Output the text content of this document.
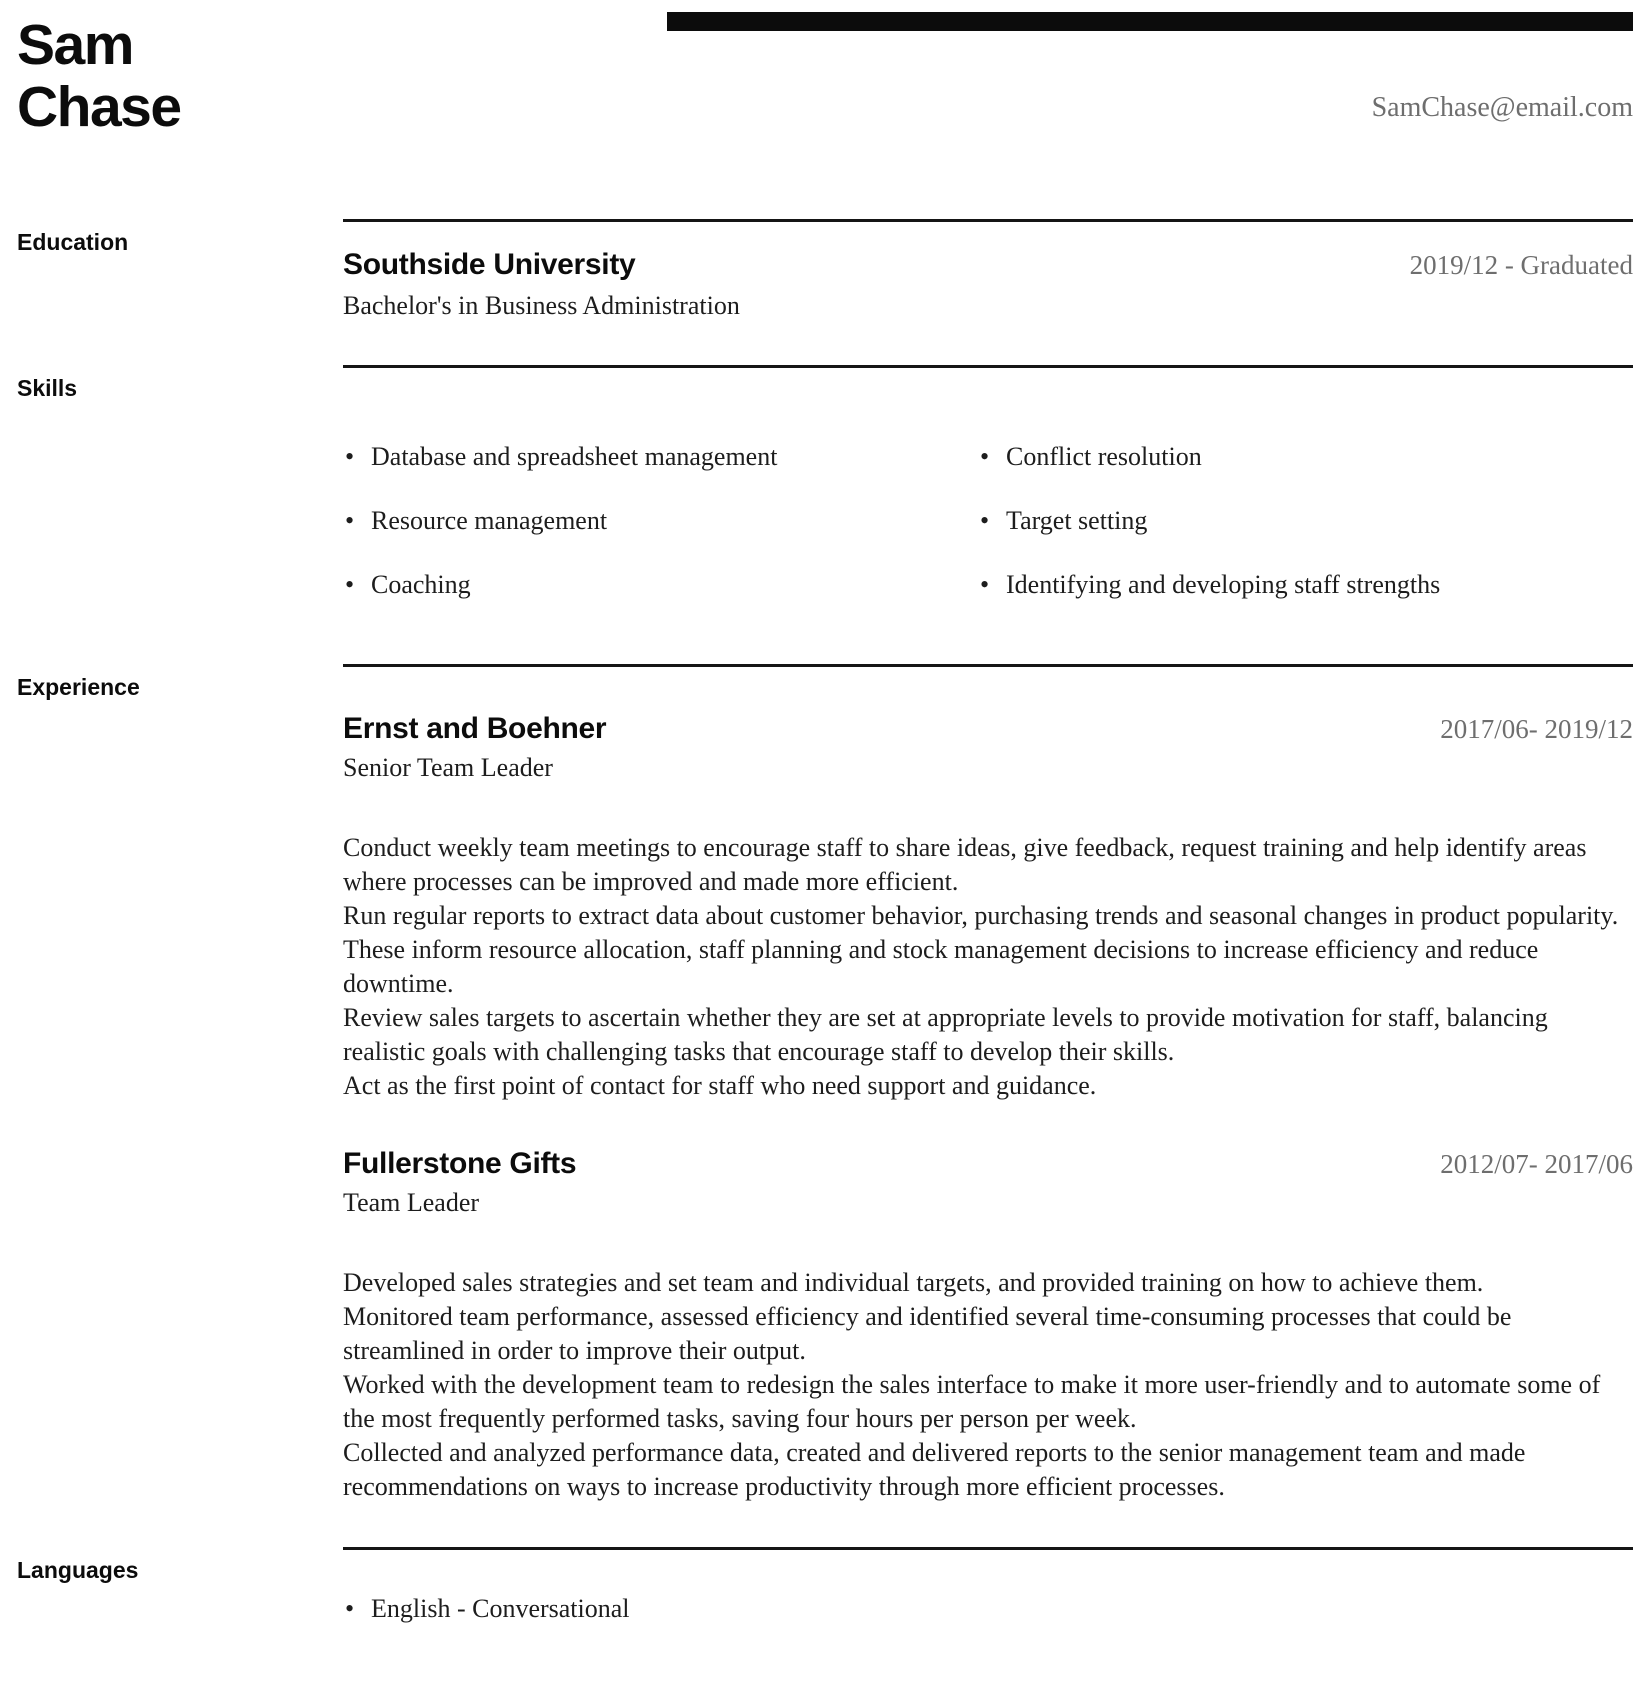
Sam Chase	SamChase@email.com
Education
Southside University	2019/12 - Graduated
Bachelor's in Business Administration
Skills
• Database and spreadsheet management
• Resource management
• Coaching
• Conflict resolution
• Target setting
• Identifying and developing staff strengths
Experience
Ernst and Boehner	2017/06- 2019/12
Senior Team Leader
Conduct weekly team meetings to encourage staff to share ideas, give feedback, request training and help identify areas where processes can be improved and made more efficient.
Run regular reports to extract data about customer behavior, purchasing trends and seasonal changes in product popularity. These inform resource allocation, staff planning and stock management decisions to increase efficiency and reduce downtime.
Review sales targets to ascertain whether they are set at appropriate levels to provide motivation for staff, balancing realistic goals with challenging tasks that encourage staff to develop their skills.
Act as the first point of contact for staff who need support and guidance.
Fullerstone Gifts	2012/07- 2017/06
Team Leader
Developed sales strategies and set team and individual targets, and provided training on how to achieve them.
Monitored team performance, assessed efficiency and identified several time-consuming processes that could be streamlined in order to improve their output.
Worked with the development team to redesign the sales interface to make it more user-friendly and to automate some of the most frequently performed tasks, saving four hours per person per week.
Collected and analyzed performance data, created and delivered reports to the senior management team and made recommendations on ways to increase productivity through more efficient processes.
Languages
• English - Conversational
